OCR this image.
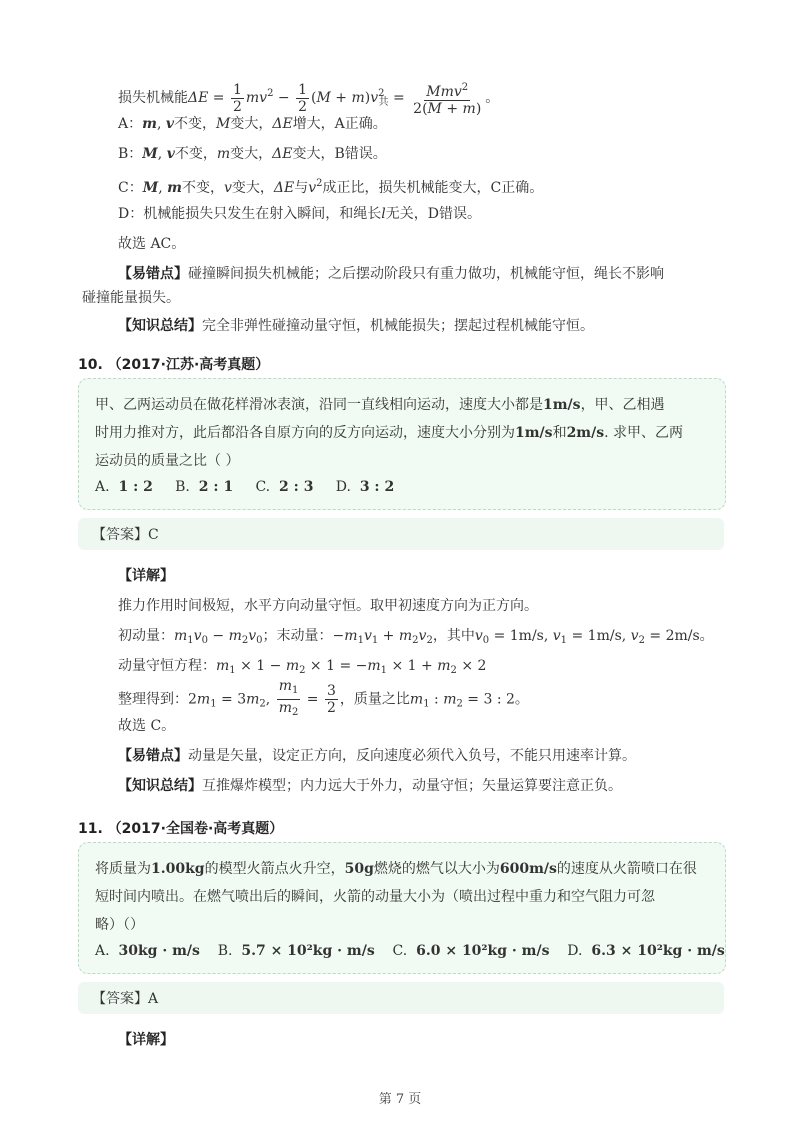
损失机械能$\Delta E = \frac{1}{2} mv^2 - \frac{1}{2} (M + m)v^2_共 = \frac{Mmv^2}{2(M + m)}$ 。
A：m, v不变，M变大，ΔE增大，A正确。
B：M, v不变，m变大，ΔE变大，B错误。
C：M, m不变，v变大，ΔE与$v^2$成正比，损失机械能变大，C正确。
D：机械能损失只发生在射入瞬间，和绳长l无关，D错误。
故选 AC。
【易错点】碰撞瞬间损失机械能；之后摆动阶段只有重力做功，机械能守恒，绳长不影响
碰撞能量损失。
【知识总结】完全非弹性碰撞动量守恒，机械能损失；摆起过程机械能守恒。
10. （2017·江苏·高考真题）
甲、乙两运动员在做花样滑冰表演，沿同一直线相向运动，速度大小都是1m/s，甲、乙相遇
时用力推对方，此后都沿各自原方向的反方向运动，速度大小分别为1m/s和2m/s. 求甲、乙两
运动员的质量之比（ ）
A. 1 : 2 B. 2 : 1 C. 2 : 3 D. 3 : 2
【答案】C
【详解】
推力作用时间极短，水平方向动量守恒。取甲初速度方向为正方向。
初动量：$m_1v_0 - m_2v_0$；末动量：$-m_1v_1 + m_2v_2$，其中$v_0 = 1m/s$, $v_1 = 1m/s$, $v_2 = 2m/s$。
动量守恒方程：$m_1 \times 1 - m_2 \times 1 = -m_1 \times 1 + m_2 \times 2$
整理得到：$2m_1 = 3m_2$, $\frac{m_1}{m_2} = \frac{3}{2}$ ，质量之比$m_1$ : $m_2 = 3$ : 2。
故选 C。
【易错点】动量是矢量，设定正方向，反向速度必须代入负号，不能只用速率计算。
【知识总结】互推爆炸模型；内力远大于外力，动量守恒；矢量运算要注意正负。
11. （2017·全国卷·高考真题）
将质量为1.00kg的模型火箭点火升空，50g燃烧的燃气以大小为600m/s的速度从火箭喷口在很
短时间内喷出。在燃气喷出后的瞬间，火箭的动量大小为（喷出过程中重力和空气阻力可忽
略）（）
A. 30kg · m/s B. 5.7 × 10²kg · m/s C. 6.0 × 10²kg · m/s D. 6.3 × 10²kg · m/s
【答案】A
【详解】
第 7 页
